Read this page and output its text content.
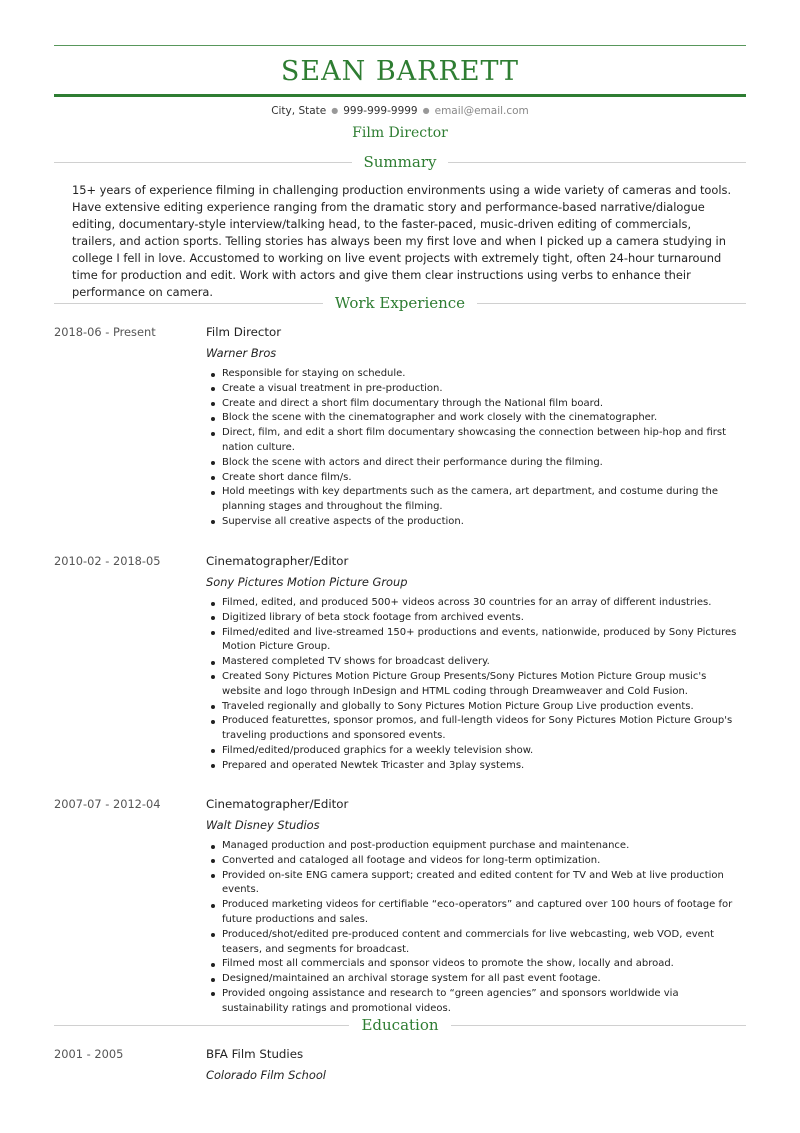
SEAN BARRETT
City, State ● 999-999-9999 ● email@email.com
Film Director
Summary

15+ years of experience filming in challenging production environments using a wide variety of cameras and tools. Have extensive editing experience ranging from the dramatic story and performance-based narrative/dialogue editing, documentary-style interview/talking head, to the faster-paced, music-driven editing of commercials, trailers, and action sports. Telling stories has always been my first love and when I picked up a camera studying in college I fell in love. Accustomed to working on live event projects with extremely tight, often 24-hour turnaround time for production and edit. Work with actors and give them clear instructions using verbs to enhance their performance on camera.

Work Experience
2018-06 - Present	Film Director
Warner Bros
Responsible for staying on schedule.
Create a visual treatment in pre-production.
Create and direct a short film documentary through the National film board.
Block the scene with the cinematographer and work closely with the cinematographer.
Direct, film, and edit a short film documentary showcasing the connection between hip-hop and first nation culture.
Block the scene with actors and direct their performance during the filming.
Create short dance film/s.
Hold meetings with key departments such as the camera, art department, and costume during the planning stages and throughout the filming.
Supervise all creative aspects of the production.
2010-02 - 2018-05	Cinematographer/Editor
Sony Pictures Motion Picture Group
Filmed, edited, and produced 500+ videos across 30 countries for an array of different industries.
Digitized library of beta stock footage from archived events.
Filmed/edited and live-streamed 150+ productions and events, nationwide, produced by Sony Pictures Motion Picture Group.
Mastered completed TV shows for broadcast delivery.
Created Sony Pictures Motion Picture Group Presents/Sony Pictures Motion Picture Group music's website and logo through InDesign and HTML coding through Dreamweaver and Cold Fusion.
Traveled regionally and globally to Sony Pictures Motion Picture Group Live production events.
Produced featurettes, sponsor promos, and full-length videos for Sony Pictures Motion Picture Group's traveling productions and sponsored events.
Filmed/edited/produced graphics for a weekly television show.
Prepared and operated Newtek Tricaster and 3play systems.
2007-07 - 2012-04	Cinematographer/Editor
Walt Disney Studios
Managed production and post-production equipment purchase and maintenance.
Converted and cataloged all footage and videos for long-term optimization.
Provided on-site ENG camera support; created and edited content for TV and Web at live production events.
Produced marketing videos for certifiable “eco-operators” and captured over 100 hours of footage for future productions and sales.
Produced/shot/edited pre-produced content and commercials for live webcasting, web VOD, event teasers, and segments for broadcast.
Filmed most all commercials and sponsor videos to promote the show, locally and abroad.
Designed/maintained an archival storage system for all past event footage.
Provided ongoing assistance and research to “green agencies” and sponsors worldwide via sustainability ratings and promotional videos.
Education
2001 - 2005	BFA Film Studies
Colorado Film School
